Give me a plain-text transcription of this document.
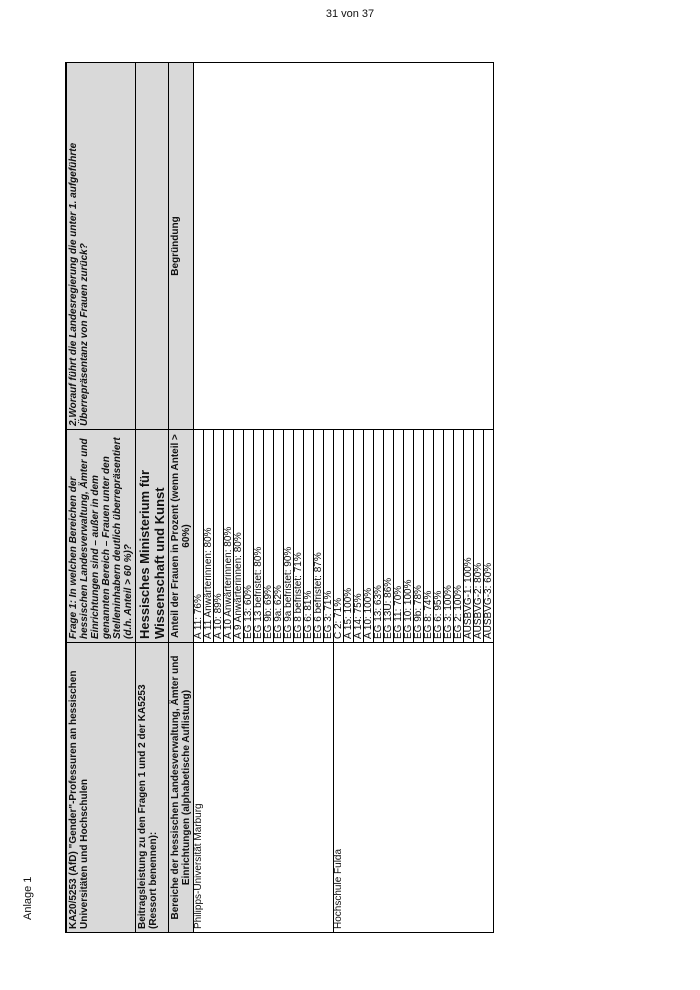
31 von 37
Anlage 1	KA20/5253 (AfD) "Gender"-Professuren an hessischen Universitäten und Hochschulen	Frage 1: In welchen Bereichen der hessischen Landesverwaltung, Ämter und Einrichtungen sind – außer in dem genannten Bereich – Frauen unter den Stelleninhabern deutlich überrepräsentiert (d.h. Anteil > 60 %)?	2.Worauf führt die Landesregierung die unter 1. aufgeführte Überrepräsentanz von Frauen zurück?
Beitragsleistung zu den Fragen 1 und 2 der KA5253 (Ressort benennen):	Hessisches Ministerium für Wissenschaft und Kunst	
Bereiche der hessischen Landesverwaltung, Ämter und Einrichtungen (alphabetische Auflistung)	Anteil der Frauen in Prozent (wenn Anteil > 60%)	Begründung
Philipps-Universität Marburg	A 11: 76%	
	A 11 Anwärterinnen: 80%	
	A 10: 89%	
	A 10 Anwärterinnen: 80%	
	A 9 Anwärterinnen: 80%	
	EG 13: 60%	
	EG 13 befristet: 80%	
	EG 9b: 69%	
	EG 9a: 62%	
	EG 9a befristet: 90%	
	EG 8 befristet: 71%	
	EG 6: 81%	
	EG 6 befristet: 87%	
	EG 3: 71%	
Hochschule Fulda	C 2: 71%	
	A 15: 100%	
	A 14: 75%	
	A 10: 100%	
	EG 13: 63%	
	EG 13U: 86%	
	EG 11: 70%	
	EG 10: 100%	
	EG 9b: 78%	
	EG 8: 74%	
	EG 6: 95%	
	EG 3: 100%	
	EG 2: 100%	
	AUSBVG-1: 100%	
	AUSBVG-2: 80%	
	AUSBVG-3: 60%	
